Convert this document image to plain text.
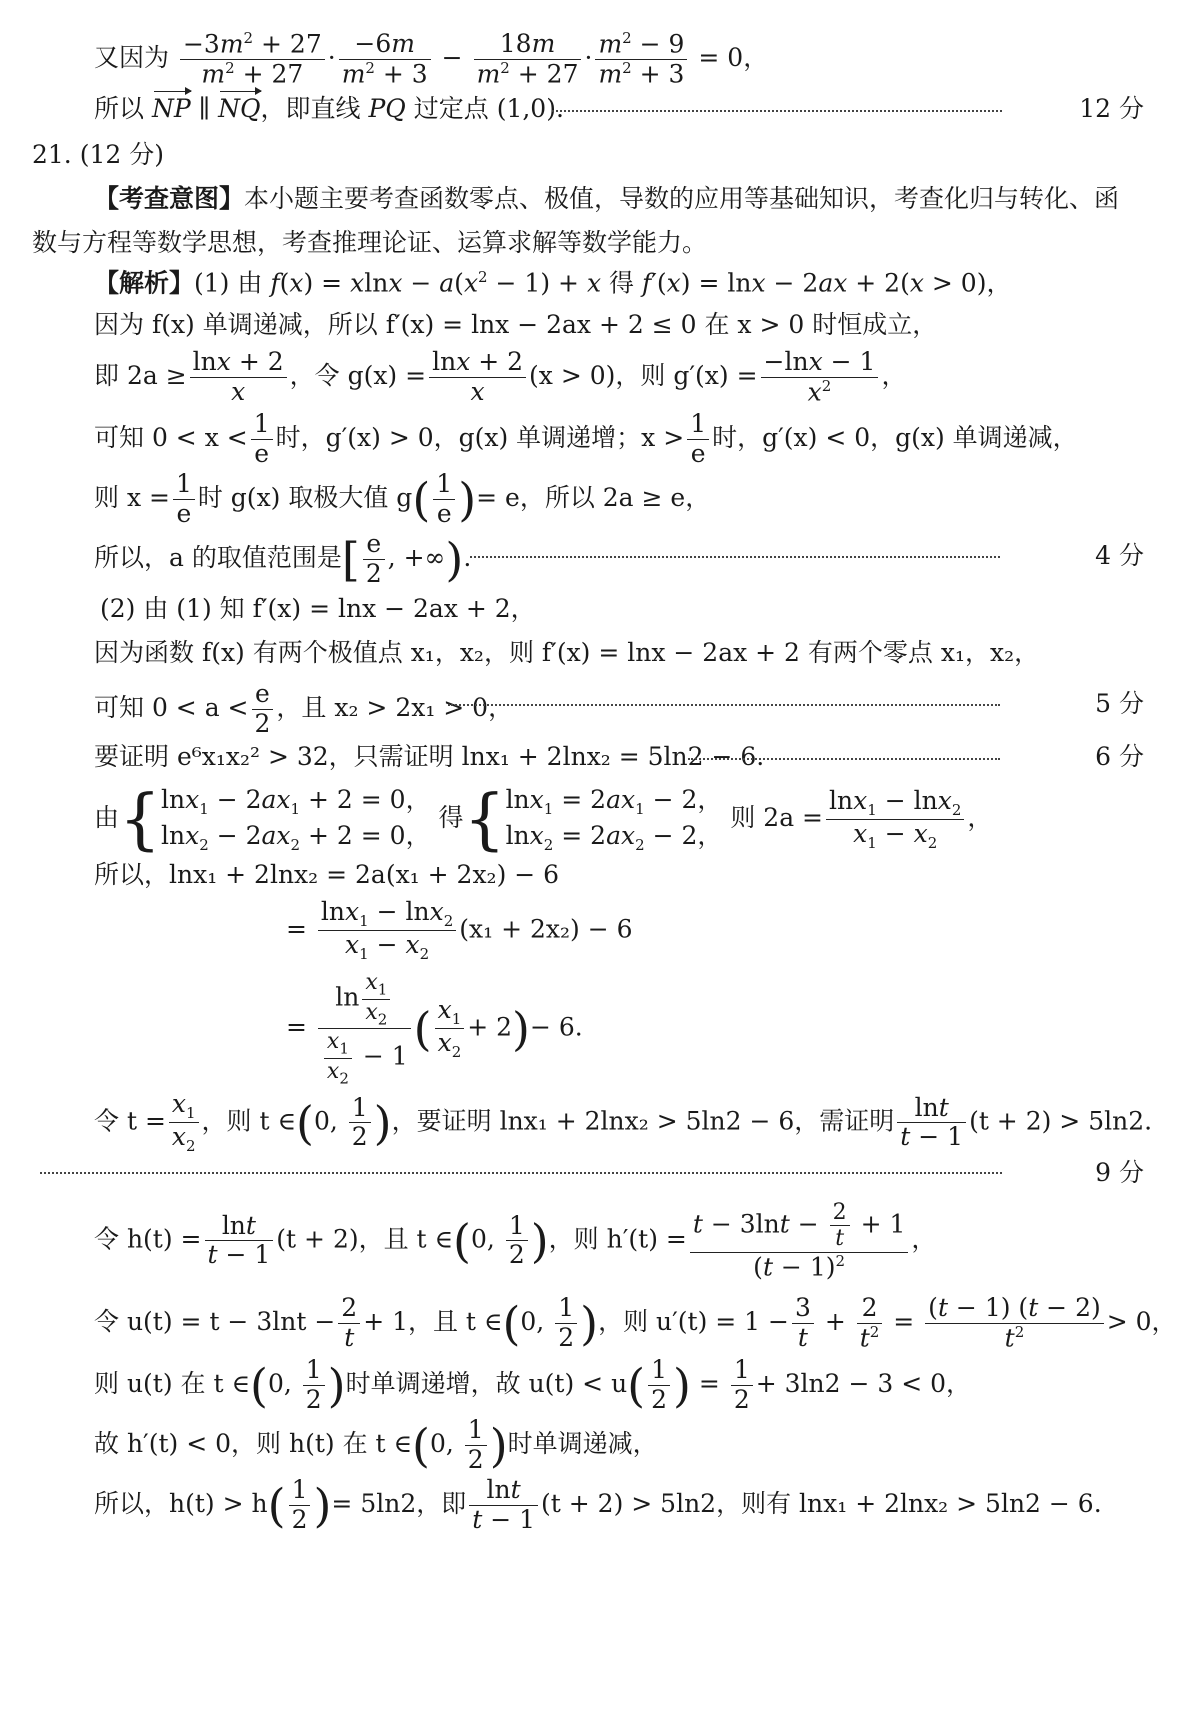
又因为 $\frac{-3m^2 + 27}{m^2 + 27} \cdot \frac{-6m}{m^2 + 3} - \frac{18m}{m^2 + 27} \cdot \frac{m^2 - 9}{m^2 + 3} = 0$，
所以 NP ∥ NQ，即直线 PQ 过定点 (1,0).	12 分
21. (12 分)
【考查意图】本小题主要考查函数零点、极值，导数的应用等基础知识，考查化归与转化、函
数与方程等数学思想，考查推理论证、运算求解等数学能力。
【解析】(1) 由 $f(x) = xlnx - a(x^2 - 1) + x$ 得 f′(x) = lnx − 2ax + 2(x > 0)，
因为 f(x) 单调递减，所以 f′(x) = lnx − 2ax + 2 ≤ 0 在 x > 0 时恒成立，
即 $2a \ge \frac{\ln x + 2}{x}$ ，令 $g(x) = \frac{\ln x + 2}{x} (x > 0)$，则 $g'(x) = \frac{-\ln x - 1}{x^2}$ ，
可知 $0 < x < \frac{1}{e}$ 时，g′(x) > 0，g(x) 单调递增；$x > \frac{1}{e}$ 时，g′(x) < 0，g(x) 单调递减，
则 $x = \frac{1}{e}$ 时 g(x) 取极大值 $g( \frac{1}{e}$ )= e，所以 2a ≥ e，
所以，a 的取值范围是[ $\frac{e}{2}$ , +∞).	4 分
(2) 由 (1) 知 f′(x) = lnx − 2ax + 2，
因为函数 f(x) 有两个极值点 x₁，x₂，则 f′(x) = lnx − 2ax + 2 有两个零点 x₁，x₂，
可知 $0 < a < \frac{e}{2}$ ，且 x₂ > 2x₁ > 0，	5 分
要证明 e⁶x₁x₂² > 32，只需证明 lnx₁ + 2lnx₂ = 5ln2 − 6.	6 分
由{$\ln x_1 - 2ax_1 + 2 = 0$，
$\ln x_2 - 2ax_2 + 2 = 0$， 得{$\ln x_1 = 2ax_1 - 2$，
$\ln x_2 = 2ax_2 - 2$， 则 $2a = \frac{\ln x_1 - \ln x_2}{x_1 - x_2}$ ，
所以，lnx₁ + 2lnx₂ = 2a(x₁ + 2x₂) − 6
= $\frac{\ln x_1 - \ln x_2}{x_1 - x_2} (x_1 + 2x_2) - 6$
= $\frac{\ln \frac{x_1}{x_2}}{\frac{x_1}{x_2} - 1}$ ( $\frac{x_1}{x_2} + 2)- 6$.
令 $t = \frac{x_1}{x_2}$ ，则 t ∈(0, $\frac{1}{2}$ )，要证明 lnx₁ + 2lnx₂ > 5ln2 − 6，需证明 $\frac{\ln t}{t - 1} (t + 2) > 5\ln 2$.
9 分
令 $h(t) = \frac{\ln t}{t - 1} (t + 2)$，且 t ∈(0, $\frac{1}{2}$ )，则 $h'(t) = \frac{t - 3\ln t - \frac{2}{t} + 1}{(t - 1)^2}$ ，
令 $u(t) = t - 3\ln t - \frac{2}{t} + 1$，且 t ∈(0, $\frac{1}{2}$ )，则 $u'(t) = 1 - \frac{3}{t} + \frac{2}{t^2} = \frac{(t - 1) (t - 2)}{t^2} > 0$，
则 u(t) 在 t ∈(0, $\frac{1}{2}$ )时单调递增，故 $u(t) < u( \frac{1}{2}$ ) = $\frac{1}{2} + 3\ln 2 - 3 < 0$，
故 h′(t) < 0，则 h(t) 在 t ∈(0, $\frac{1}{2}$ )时单调递减，
所以，$h(t) > h( \frac{1}{2}$ )= 5ln2，即 $\frac{\ln t}{t - 1} (t + 2) > 5\ln 2$，则有 lnx₁ + 2lnx₂ > 5ln2 − 6.
